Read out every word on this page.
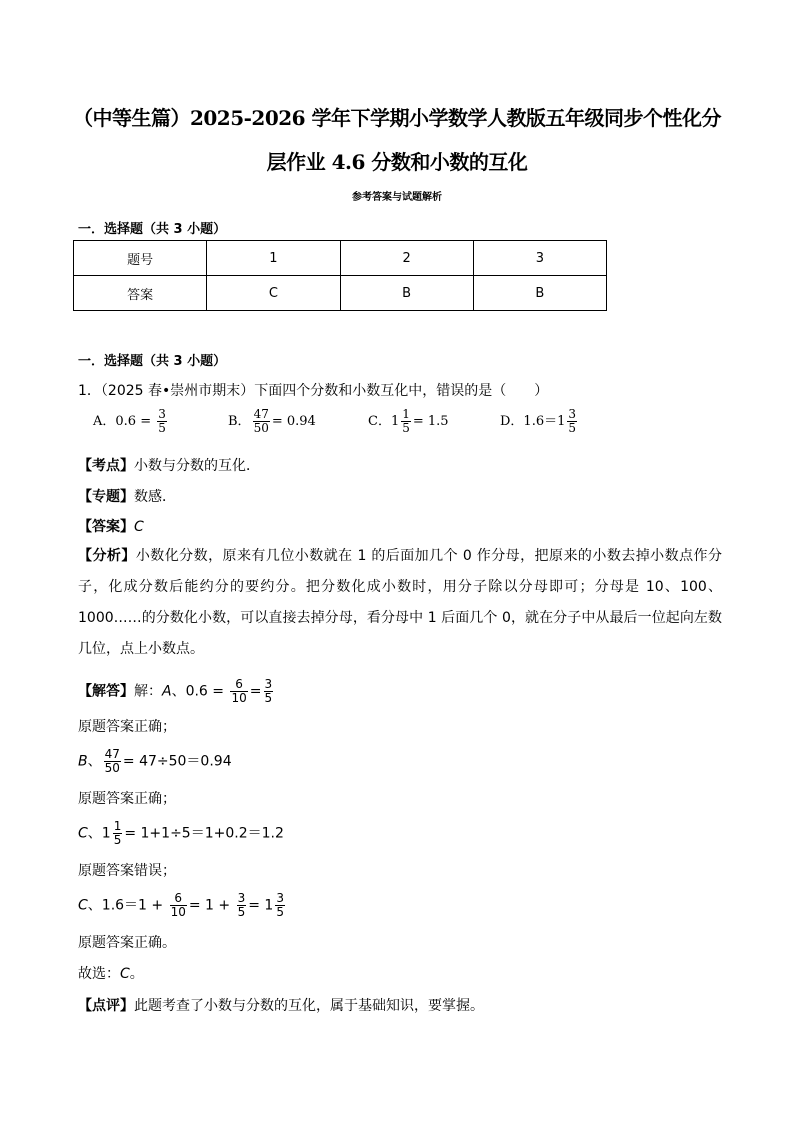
（中等生篇）2025-2026 学年下学期小学数学人教版五年级同步个性化分
层作业 4.6 分数和小数的互化
参考答案与试题解析
一．选择题（共 3 小题）
题号	1	2	3
答案	C	B	B
一．选择题（共 3 小题）
1．（2025 春•崇州市期末）下面四个分数和小数互化中，错误的是（　　）
A．$0.6 = \frac{3}{5}$	B． $\frac{47}{50} = 0.94$	C．$1 \frac{1}{5} = 1.5$	D．$1.6=1 \frac{3}{5}$
【考点】小数与分数的互化．
【专题】数感．
【答案】C
【分析】小数化分数，原来有几位小数就在 1 的后面加几个 0 作分母，把原来的小数去掉小数点作分子，化成分数后能约分的要约分。把分数化成小数时，用分子除以分母即可；分母是 10、100、1000……的分数化小数，可以直接去掉分母，看分母中 1 后面几个 0，就在分子中从最后一位起向左数几位，点上小数点。
【解答】解：A、$0.6 = \frac{6}{10} = \frac{3}{5}$
原题答案正确；
B、 $\frac{47}{50} = 47\div 50=0.94$
原题答案正确；
C、$1 \frac{1}{5} = 1+1\div 5=1+0.2=1.2$
原题答案错误；
C、$1.6=1 + \frac{6}{10} = 1 + \frac{3}{5} = 1 \frac{3}{5}$
原题答案正确。
故选：C。
【点评】此题考查了小数与分数的互化，属于基础知识，要掌握。
